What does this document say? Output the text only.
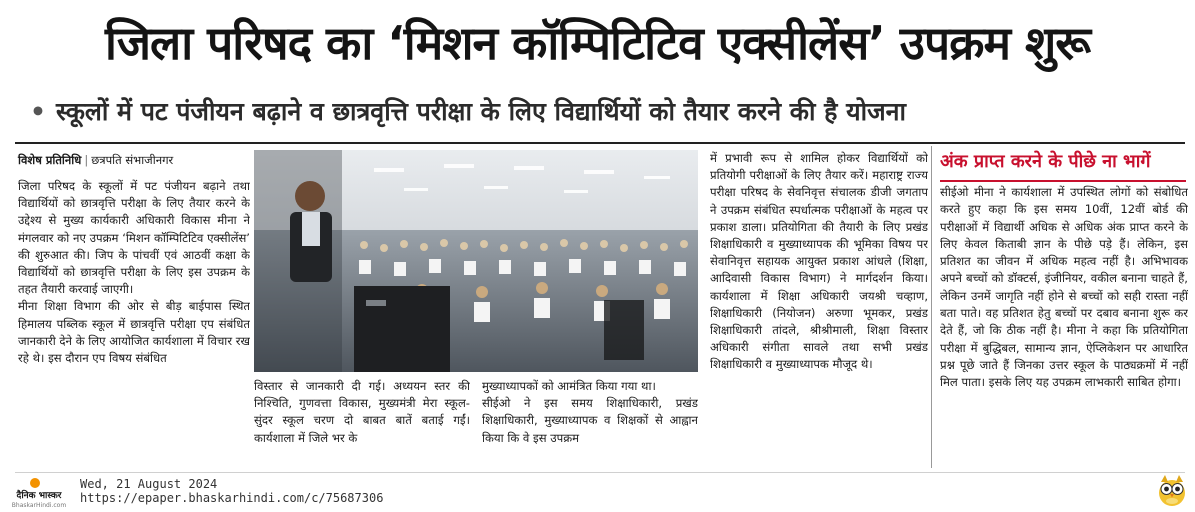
जिला परिषद का ‘मिशन कॉम्पिटिटिव एक्सीलेंस’ उपक्रम शुरू
• स्कूलों में पट पंजीयन बढ़ाने व छात्रवृत्ति परीक्षा के लिए विद्यार्थियों को तैयार करने की है योजना
विशेष प्रतिनिधि | छत्रपति संभाजीनगर

जिला परिषद के स्कूलों में पट पंजीयन बढ़ाने तथा विद्यार्थियों को छात्रवृत्ति परीक्षा के लिए तैयार करने के उद्देश्य से मुख्य कार्यकारी अधिकारी विकास मीना ने मंगलवार को नए उपक्रम ‘मिशन कॉम्पिटिटिव एक्सीलेंस’ की शुरुआत की। जिप के पांचवीं एवं आठवीं कक्षा के विद्यार्थियों को छात्रवृत्ति परीक्षा के लिए इस उपक्रम के तहत तैयारी करवाई जाएगी।

मीना शिक्षा विभाग की ओर से बीड़ बाईपास स्थित हिमालय पब्लिक स्कूल में छात्रवृत्ति परीक्षा एप संबंधित जानकारी देने के लिए आयोजित कार्यशाला में विचार रख रहे थे। इस दौरान एप विषय संबंधित

विस्तार से जानकारी दी गई। अध्ययन स्तर की निश्चिति, गुणवत्ता विकास, मुख्यमंत्री मेरा स्कूल-सुंदर स्कूल चरण दो बाबत बातें बताई गईं। कार्यशाला में जिले भर के

मुख्याध्यापकों को आमंत्रित किया गया था।

सीईओ ने इस समय शिक्षाधिकारी, प्रखंड शिक्षाधिकारी, मुख्याध्यापक व शिक्षकों से आह्वान किया कि वे इस उपक्रम

में प्रभावी रूप से शामिल होकर विद्यार्थियों को प्रतियोगी परीक्षाओं के लिए तैयार करें। महाराष्ट्र राज्य परीक्षा परिषद के सेवनिवृत्त संचालक डीजी जगताप ने उपक्रम संबंधित स्पर्धात्मक परीक्षाओं के महत्व पर प्रकाश डाला। प्रतियोगिता की तैयारी के लिए प्रखंड शिक्षाधिकारी व मुख्याध्यापक की भूमिका विषय पर सेवानिवृत्त सहायक आयुक्त प्रकाश आंधले (शिक्षा, आदिवासी विकास विभाग) ने मार्गदर्शन किया। कार्यशाला में शिक्षा अधिकारी जयश्री चव्हाण, शिक्षाधिकारी (नियोजन) अरुणा भूमकर, प्रखंड शिक्षाधिकारी तांदले, श्रीश्रीमाली, शिक्षा विस्तार अधिकारी संगीता सावले तथा सभी प्रखंड शिक्षाधिकारी व मुख्याध्यापक मौजूद थे।

अंक प्राप्त करने के पीछे ना भागें

सीईओ मीना ने कार्यशाला में उपस्थित लोगों को संबोधित करते हुए कहा कि इस समय 10वीं, 12वीं बोर्ड की परीक्षाओं में विद्यार्थी अधिक से अधिक अंक प्राप्त करने के लिए केवल किताबी ज्ञान के पीछे पड़े हैं। लेकिन, इस प्रतिशत का जीवन में अधिक महत्व नहीं है। अभिभावक अपने बच्चों को डॉक्टर्स, इंजीनियर, वकील बनाना चाहते हैं, लेकिन उनमें जागृति नहीं होने से बच्चों को सही रास्ता नहीं बता पाते। वह प्रतिशत हेतु बच्चों पर दबाव बनाना शुरू कर देते हैं, जो कि ठीक नहीं है। मीना ने कहा कि प्रतियोगिता परीक्षा में बुद्धिबल, सामान्य ज्ञान, ऐप्लिकेशन पर आधारित प्रश्न पूछे जाते हैं जिनका उत्तर स्कूल के पाठ्यक्रमों में नहीं मिल पाता। इसके लिए यह उपक्रम लाभकारी साबित होगा।

दैनिक भास्कर
BhaskarHindi.com
Wed, 21 August 2024
https://epaper.bhaskarhindi.com/c/75687306
